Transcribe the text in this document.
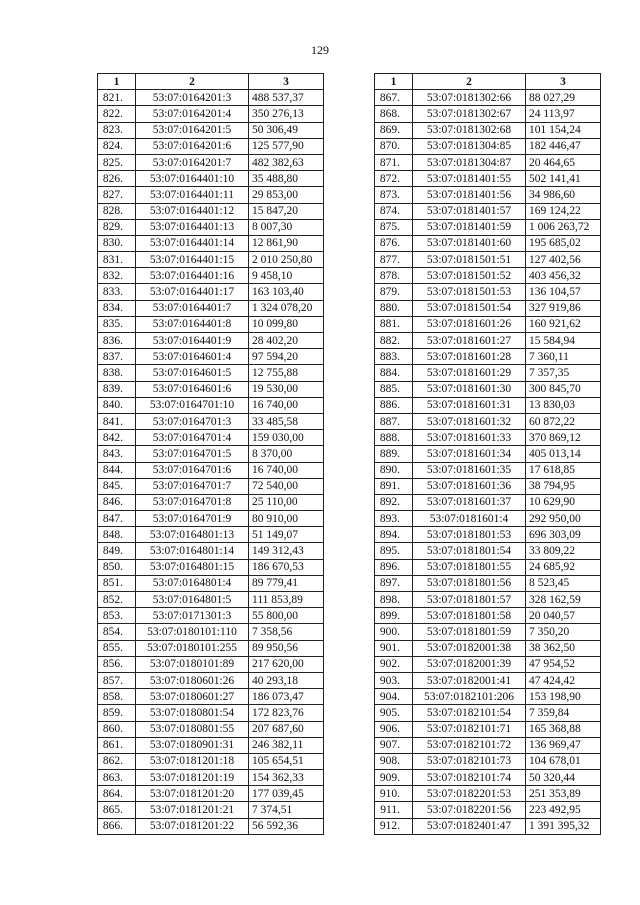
129
1	2	3
821.	53:07:0164201:3	488 537,37
822.	53:07:0164201:4	350 276,13
823.	53:07:0164201:5	50 306,49
824.	53:07:0164201:6	125 577,90
825.	53:07:0164201:7	482 382,63
826.	53:07:0164401:10	35 488,80
827.	53:07:0164401:11	29 853,00
828.	53:07:0164401:12	15 847,20
829.	53:07:0164401:13	8 007,30
830.	53:07:0164401:14	12 861,90
831.	53:07:0164401:15	2 010 250,80
832.	53:07:0164401:16	9 458,10
833.	53:07:0164401:17	163 103,40
834.	53:07:0164401:7	1 324 078,20
835.	53:07:0164401:8	10 099,80
836.	53:07:0164401:9	28 402,20
837.	53:07:0164601:4	97 594,20
838.	53:07:0164601:5	12 755,88
839.	53:07:0164601:6	19 530,00
840.	53:07:0164701:10	16 740,00
841.	53:07:0164701:3	33 485,58
842.	53:07:0164701:4	159 030,00
843.	53:07:0164701:5	8 370,00
844.	53:07:0164701:6	16 740,00
845.	53:07:0164701:7	72 540,00
846.	53:07:0164701:8	25 110,00
847.	53:07:0164701:9	80 910,00
848.	53:07:0164801:13	51 149,07
849.	53:07:0164801:14	149 312,43
850.	53:07:0164801:15	186 670,53
851.	53:07:0164801:4	89 779,41
852.	53:07:0164801:5	111 853,89
853.	53:07:0171301:3	55 800,00
854.	53:07:0180101:110	7 358,56
855.	53:07:0180101:255	89 950,56
856.	53:07:0180101:89	217 620,00
857.	53:07:0180601:26	40 293,18
858.	53:07:0180601:27	186 073,47
859.	53:07:0180801:54	172 823,76
860.	53:07:0180801:55	207 687,60
861.	53:07:0180901:31	246 382,11
862.	53:07:0181201:18	105 654,51
863.	53:07:0181201:19	154 362,33
864.	53:07:0181201:20	177 039,45
865.	53:07:0181201:21	7 374,51
866.	53:07:0181201:22	56 592,36
1	2	3
867.	53:07:0181302:66	88 027,29
868.	53:07:0181302:67	24 113,97
869.	53:07:0181302:68	101 154,24
870.	53:07:0181304:85	182 446,47
871.	53:07:0181304:87	20 464,65
872.	53:07:0181401:55	502 141,41
873.	53:07:0181401:56	34 986,60
874.	53:07:0181401:57	169 124,22
875.	53:07:0181401:59	1 006 263,72
876.	53:07:0181401:60	195 685,02
877.	53:07:0181501:51	127 402,56
878.	53:07:0181501:52	403 456,32
879.	53:07:0181501:53	136 104,57
880.	53:07:0181501:54	327 919,86
881.	53:07:0181601:26	160 921,62
882.	53:07:0181601:27	15 584,94
883.	53:07:0181601:28	7 360,11
884.	53:07:0181601:29	7 357,35
885.	53:07:0181601:30	300 845,70
886.	53:07:0181601:31	13 830,03
887.	53:07:0181601:32	60 872,22
888.	53:07:0181601:33	370 869,12
889.	53:07:0181601:34	405 013,14
890.	53:07:0181601:35	17 618,85
891.	53:07:0181601:36	38 794,95
892.	53:07:0181601:37	10 629,90
893.	53:07:0181601:4	292 950,00
894.	53:07:0181801:53	696 303,09
895.	53:07:0181801:54	33 809,22
896.	53:07:0181801:55	24 685,92
897.	53:07:0181801:56	8 523,45
898.	53:07:0181801:57	328 162,59
899.	53:07:0181801:58	20 040,57
900.	53:07:0181801:59	7 350,20
901.	53:07:0182001:38	38 362,50
902.	53:07:0182001:39	47 954,52
903.	53:07:0182001:41	47 424,42
904.	53:07:0182101:206	153 198,90
905.	53:07:0182101:54	7 359,84
906.	53:07:0182101:71	165 368,88
907.	53:07:0182101:72	136 969,47
908.	53:07:0182101:73	104 678,01
909.	53:07:0182101:74	50 320,44
910.	53:07:0182201:53	251 353,89
911.	53:07:0182201:56	223 492,95
912.	53:07:0182401:47	1 391 395,32
